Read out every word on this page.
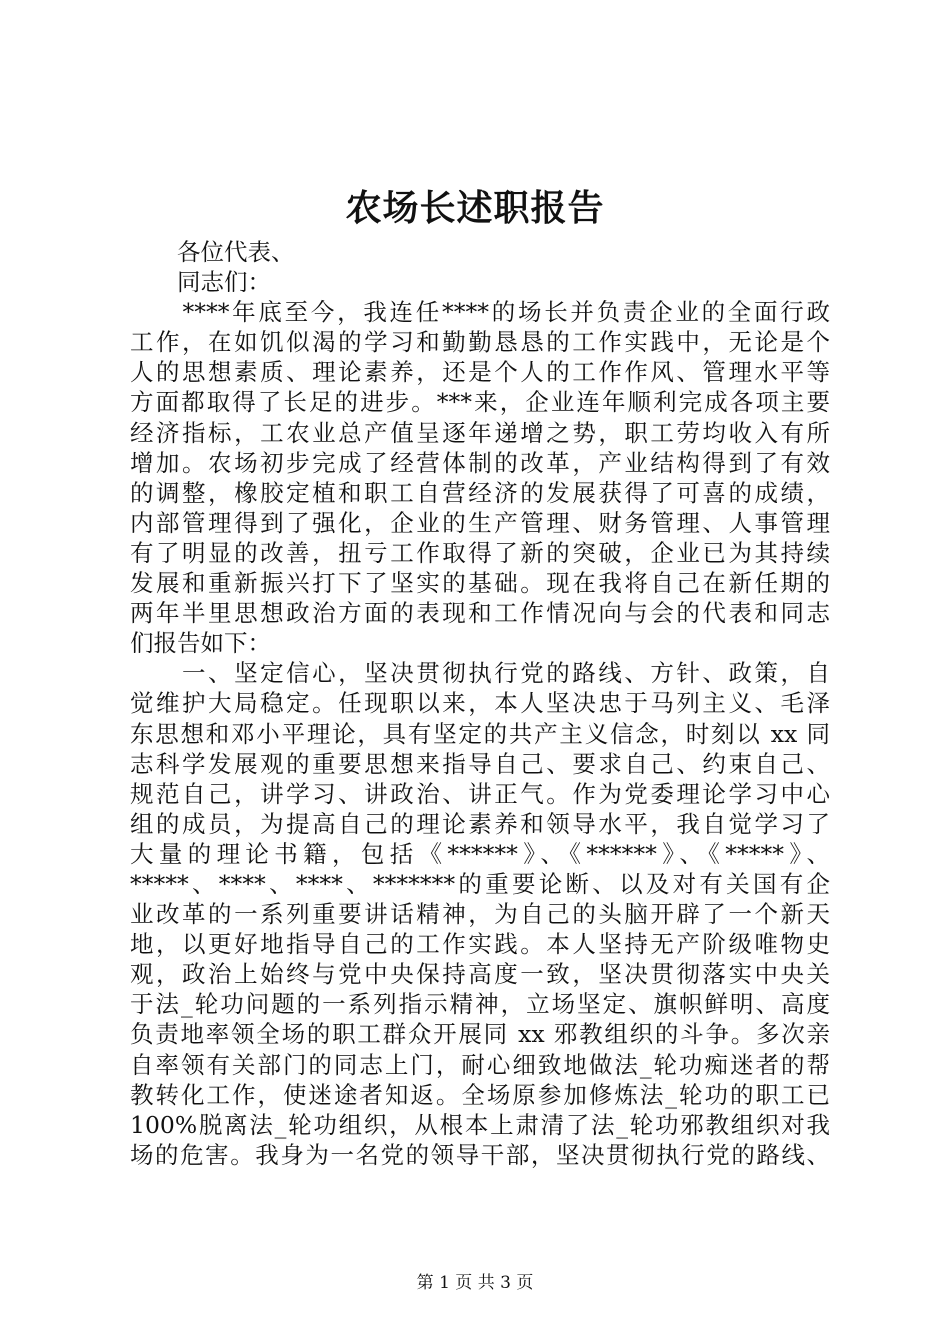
农场长述职报告
各位代表、
同志们：
　　****年底至今，我连任****的场长并负责企业的全面行政
工作，在如饥似渴的学习和勤勤恳恳的工作实践中，无论是个
人的思想素质、理论素养，还是个人的工作作风、管理水平等
方面都取得了长足的进步。***来，企业连年顺利完成各项主要
经济指标，工农业总产值呈逐年递增之势，职工劳均收入有所
增加。农场初步完成了经营体制的改革，产业结构得到了有效
的调整，橡胶定植和职工自营经济的发展获得了可喜的成绩，
内部管理得到了强化，企业的生产管理、财务管理、人事管理
有了明显的改善，扭亏工作取得了新的突破，企业已为其持续
发展和重新振兴打下了坚实的基础。现在我将自己在新任期的
两年半里思想政治方面的表现和工作情况向与会的代表和同志
们报告如下：
　　一、坚定信心，坚决贯彻执行党的路线、方针、政策，自
觉维护大局稳定。任现职以来，本人坚决忠于马列主义、毛泽
东思想和邓小平理论，具有坚定的共产主义信念，时刻以 xx 同
志科学发展观的重要思想来指导自己、要求自己、约束自己、
规范自己，讲学习、讲政治、讲正气。作为党委理论学习中心
组的成员，为提高自己的理论素养和领导水平，我自觉学习了
大量的理论书籍，包括《******》、《******》、《*****》、
*****、****、****、*******的重要论断、以及对有关国有企
业改革的一系列重要讲话精神，为自己的头脑开辟了一个新天
地，以更好地指导自己的工作实践。本人坚持无产阶级唯物史
观，政治上始终与党中央保持高度一致，坚决贯彻落实中央关
于法_轮功问题的一系列指示精神，立场坚定、旗帜鲜明、高度
负责地率领全场的职工群众开展同 xx 邪教组织的斗争。多次亲
自率领有关部门的同志上门，耐心细致地做法_轮功痴迷者的帮
教转化工作，使迷途者知返。全场原参加修炼法_轮功的职工已
100%脱离法_轮功组织，从根本上肃清了法_轮功邪教组织对我
场的危害。我身为一名党的领导干部，坚决贯彻执行党的路线、
第 1 页 共 3 页
